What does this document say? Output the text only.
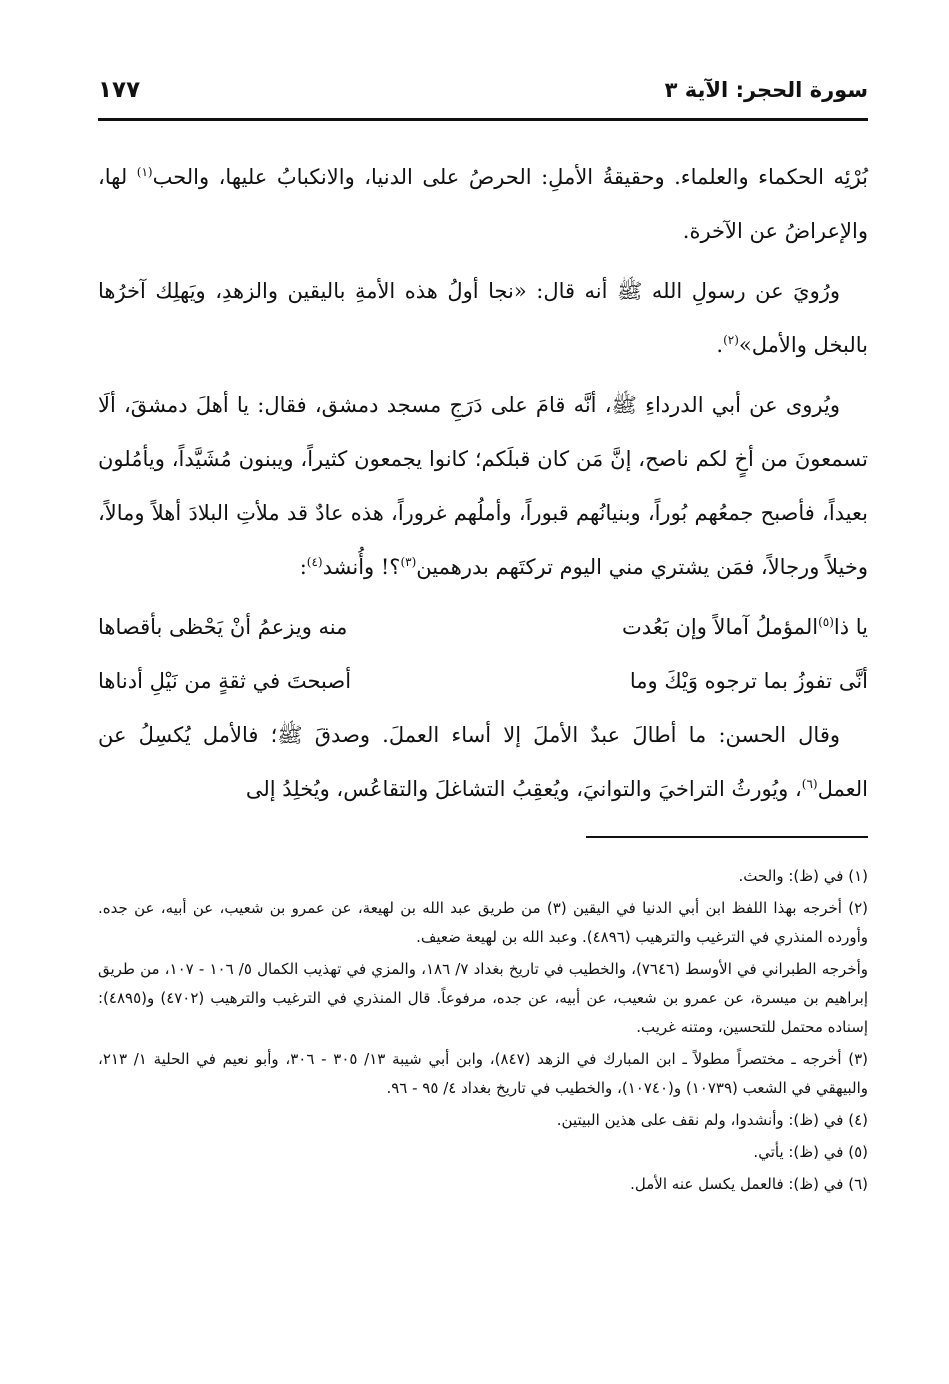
سورة الحجر: الآية ٣
١٧٧

بُرْئِه الحكماء والعلماء. وحقيقةُ الأملِ: الحرصُ على الدنيا، والانكبابُ عليها، والحب$^{(١)}$ لها، والإعراضُ عن الآخرة.

ورُويَ عن رسولِ الله ﷺ أنه قال: «نجا أولُ هذه الأمةِ باليقين والزهدِ، ويَهلِك آخرُها بالبخل والأمل»$^{(٢)}$.

ويُروى عن أبي الدرداءِ ﷺ، أنَّه قامَ على دَرَجِ مسجد دمشق، فقال: يا أهلَ دمشقَ، ألَا تسمعونَ من أخٍ لكم ناصح، إنَّ مَن كان قبلَكم؛ كانوا يجمعون كثيراً، ويبنون مُشَيَّداً، ويأمُلون بعيداً، فأصبح جمعُهم بُوراً، وبنيانُهم قبوراً، وأملُهم غروراً، هذه عادٌ قد ملأتِ البلادَ أهلاً ومالاً، وخيلاً ورجالاً، فمَن يشتري مني اليوم تركتَهم بدرهمين$^{(٣)}$؟! وأُنشد$^{(٤)}$:

يا ذا$^{(٥)}$المؤملُ آمالاً وإن بَعُدت
منه ويزعمُ أنْ يَحْظى بأقصاها
أنَّى تفوزُ بما ترجوه وَيْكَ وما
أصبحتَ في ثقةٍ من نَيْلِ أدناها

وقال الحسن: ما أطالَ عبدٌ الأملَ إلا أساء العملَ. وصدقَ ﷺ؛ فالأمل يُكسِلُ عن العمل$^{(٦)}$، ويُورثُ التراخيَ والتوانيَ، ويُعقِبُ التشاغلَ والتقاعُس، ويُخلِدُ إلى

(١) في (ظ): والحث.
(٢) أخرجه بهذا اللفظ ابن أبي الدنيا في اليقين (٣) من طريق عبد الله بن لهيعة، عن عمرو بن شعيب، عن أبيه، عن جده. وأورده المنذري في الترغيب والترهيب (٤٨٩٦). وعبد الله بن لهيعة ضعيف.
وأخرجه الطبراني في الأوسط (٧٦٤٦)، والخطيب في تاريخ بغداد ٧/ ١٨٦، والمزي في تهذيب الكمال ٥/ ١٠٦ - ١٠٧، من طريق إبراهيم بن ميسرة، عن عمرو بن شعيب، عن أبيه، عن جده، مرفوعاً. قال المنذري في الترغيب والترهيب (٤٧٠٢) و(٤٨٩٥): إسناده محتمل للتحسين، ومتنه غريب.
(٣) أخرجه ـ مختصراً مطولاً ـ ابن المبارك في الزهد (٨٤٧)، وابن أبي شيبة ١٣/ ٣٠٥ - ٣٠٦، وأبو نعيم في الحلية ١/ ٢١٣، والبيهقي في الشعب (١٠٧٣٩) و(١٠٧٤٠)، والخطيب في تاريخ بغداد ٤/ ٩٥ - ٩٦.
(٤) في (ظ): وأنشدوا، ولم نقف على هذين البيتين.
(٥) في (ظ): يأتي.
(٦) في (ظ): فالعمل يكسل عنه الأمل.
